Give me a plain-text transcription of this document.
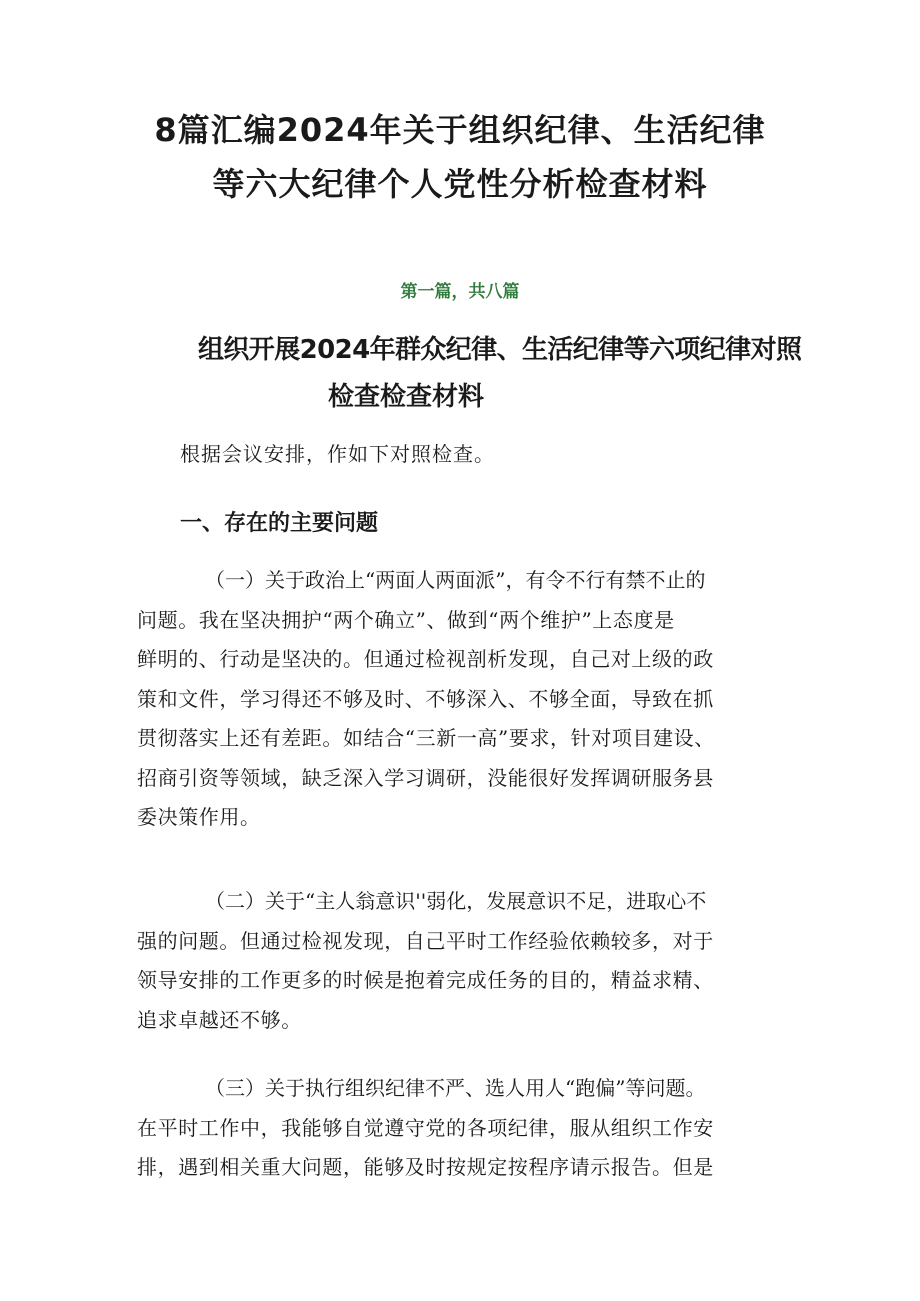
8篇汇编2024年关于组织纪律、生活纪律
等六大纪律个人党性分析检查材料

第一篇，共八篇

组织开展2024年群众纪律、生活纪律等六项纪律对照
检查检查材料

根据会议安排，作如下对照检查。

一、存在的主要问题
（一）关于政治上“两面人两面派”，有令不行有禁不止的
问题。我在坚决拥护“两个确立”、做到“两个维护”上态度是
鲜明的、行动是坚决的。但通过检视剖析发现，自己对上级的政
策和文件，学习得还不够及时、不够深入、不够全面，导致在抓
贯彻落实上还有差距。如结合“三新一高”要求，针对项目建设、
招商引资等领域，缺乏深入学习调研，没能很好发挥调研服务县
委决策作用。
（二）关于“主人翁意识''弱化，发展意识不足，进取心不
强的问题。但通过检视发现，自己平时工作经验依赖较多，对于
领导安排的工作更多的时候是抱着完成任务的目的，精益求精、
追求卓越还不够。
（三）关于执行组织纪律不严、选人用人“跑偏”等问题。
在平时工作中，我能够自觉遵守党的各项纪律，服从组织工作安
排，遇到相关重大问题，能够及时按规定按程序请示报告。但是
